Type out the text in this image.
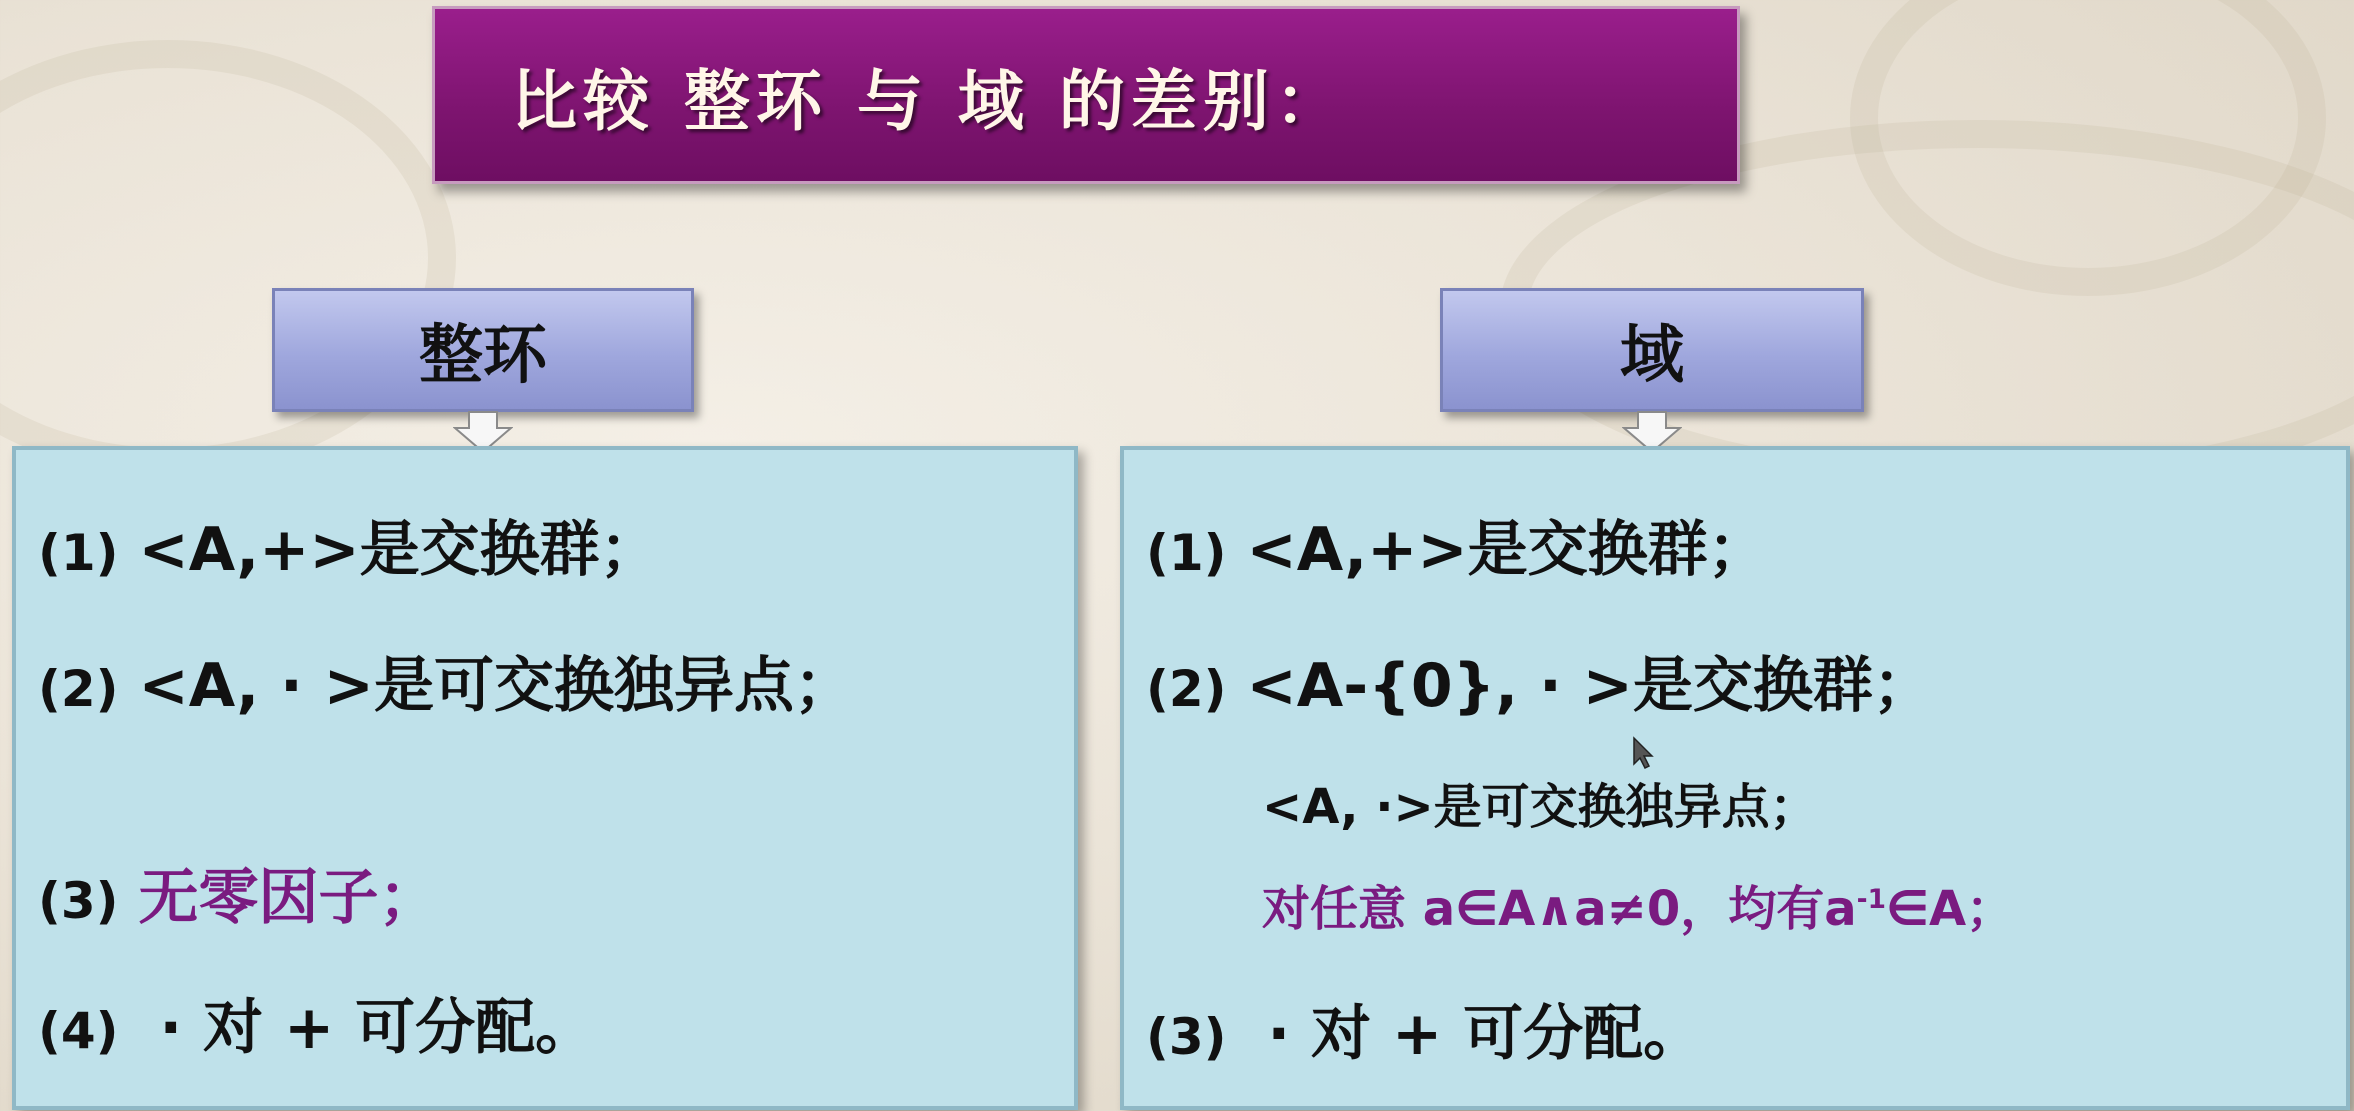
比较 整环 与 域 的差别：
整环	域
(1) <A,+>是交换群；
(2) <A, · >是可交换独异点；
(3) 无零因子；
(4) · 对 + 可分配。
(1) <A,+>是交换群；
(2) <A-{0}, · >是交换群；
<A, ·>是可交换独异点；
对任意 a∈A∧a≠0，均有$a^{-1}\in A$；
(3) · 对 + 可分配。
